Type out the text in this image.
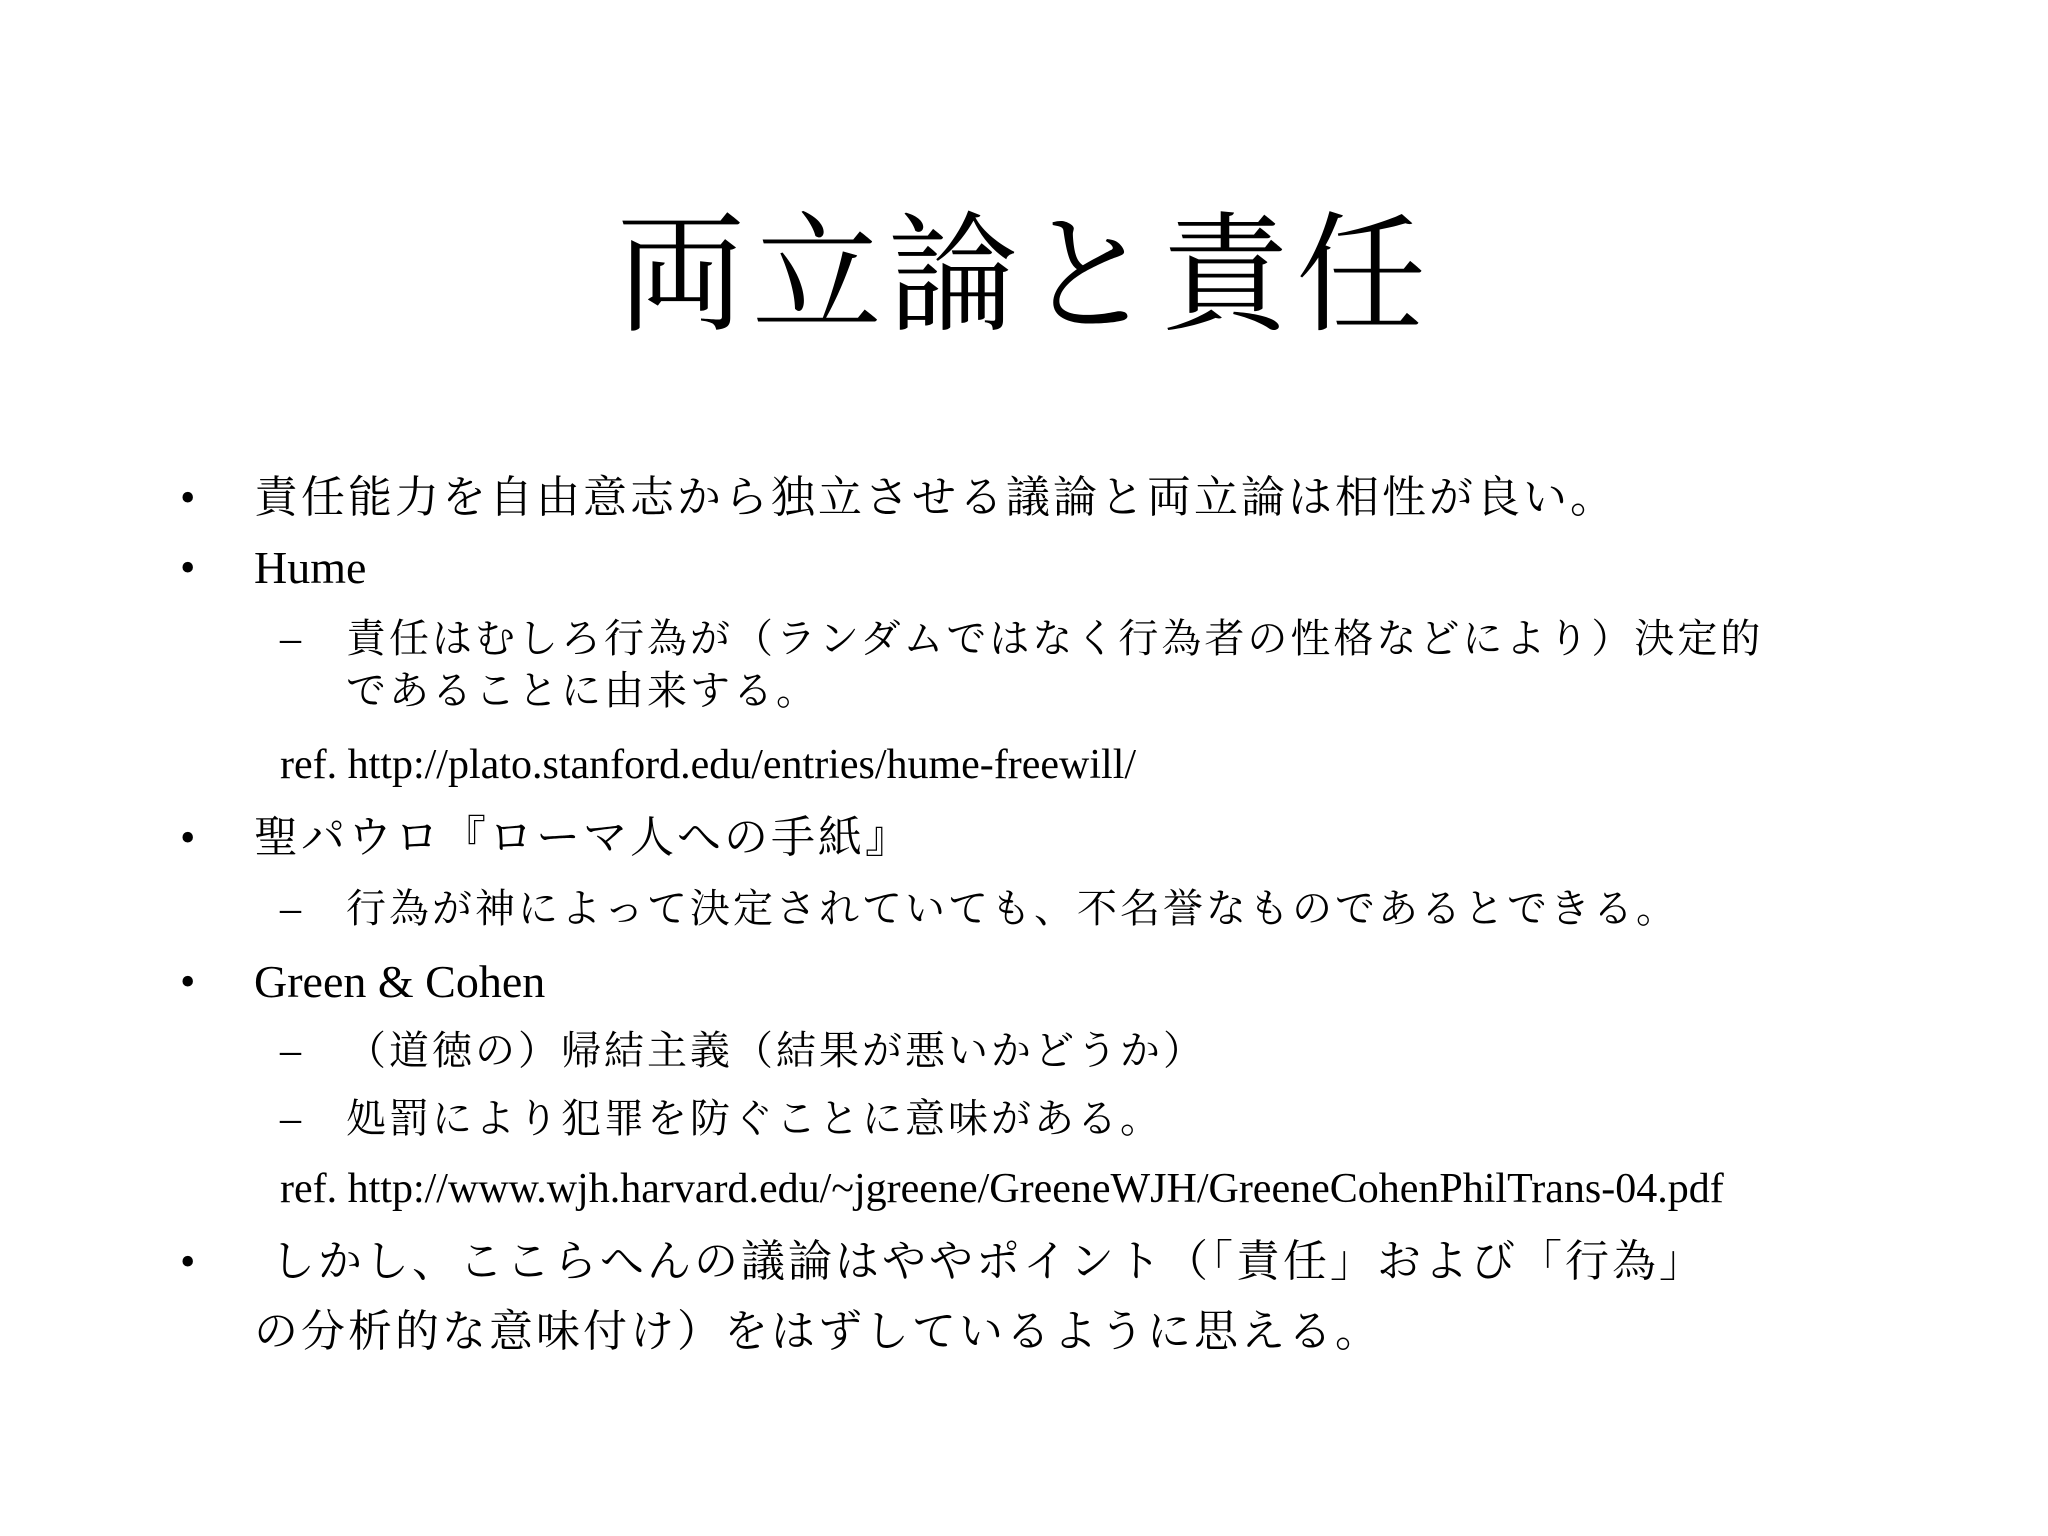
両立論と責任
• 責任能力を自由意志から独立させる議論と両立論は相性が良い。
• Hume
– 責任はむしろ行為が（ランダムではなく行為者の性格などにより）決定的
であることに由来する。
ref. http://plato.stanford.edu/entries/hume-freewill/
• 聖パウロ『ローマ人への手紙』
– 行為が神によって決定されていても、不名誉なものであるとできる。
• Green & Cohen
– （道徳の）帰結主義（結果が悪いかどうか）
– 処罰により犯罪を防ぐことに意味がある。
ref. http://www.wjh.harvard.edu/~jgreene/GreeneWJH/GreeneCohenPhilTrans-04.pdf
• しかし、ここらへんの議論はややポイント（「責任」および「行為」
の分析的な意味付け）をはずしているように思える。
